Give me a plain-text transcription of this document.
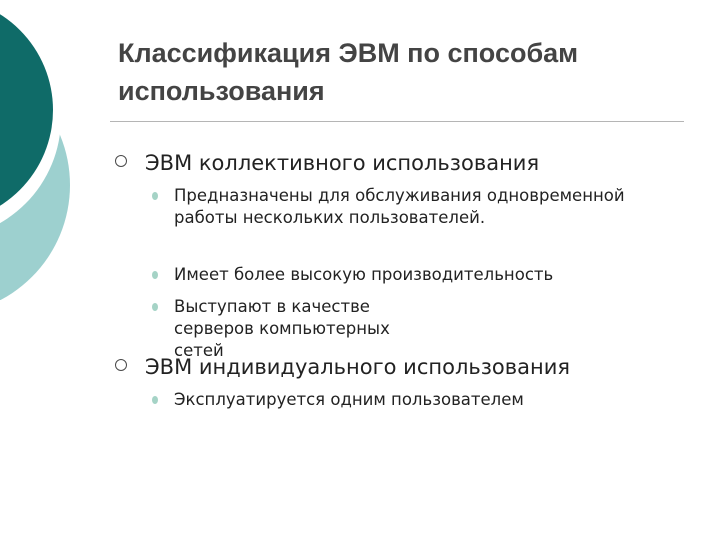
Классификация ЭВМ по способам использования
ЭВМ коллективного использования
Предназначены для обслуживания одновременной работы нескольких пользователей.
Имеет более высокую производительность
Выступают в качестве серверов компьютерных сетей
ЭВМ индивидуального использования
Эксплуатируется одним пользователем
